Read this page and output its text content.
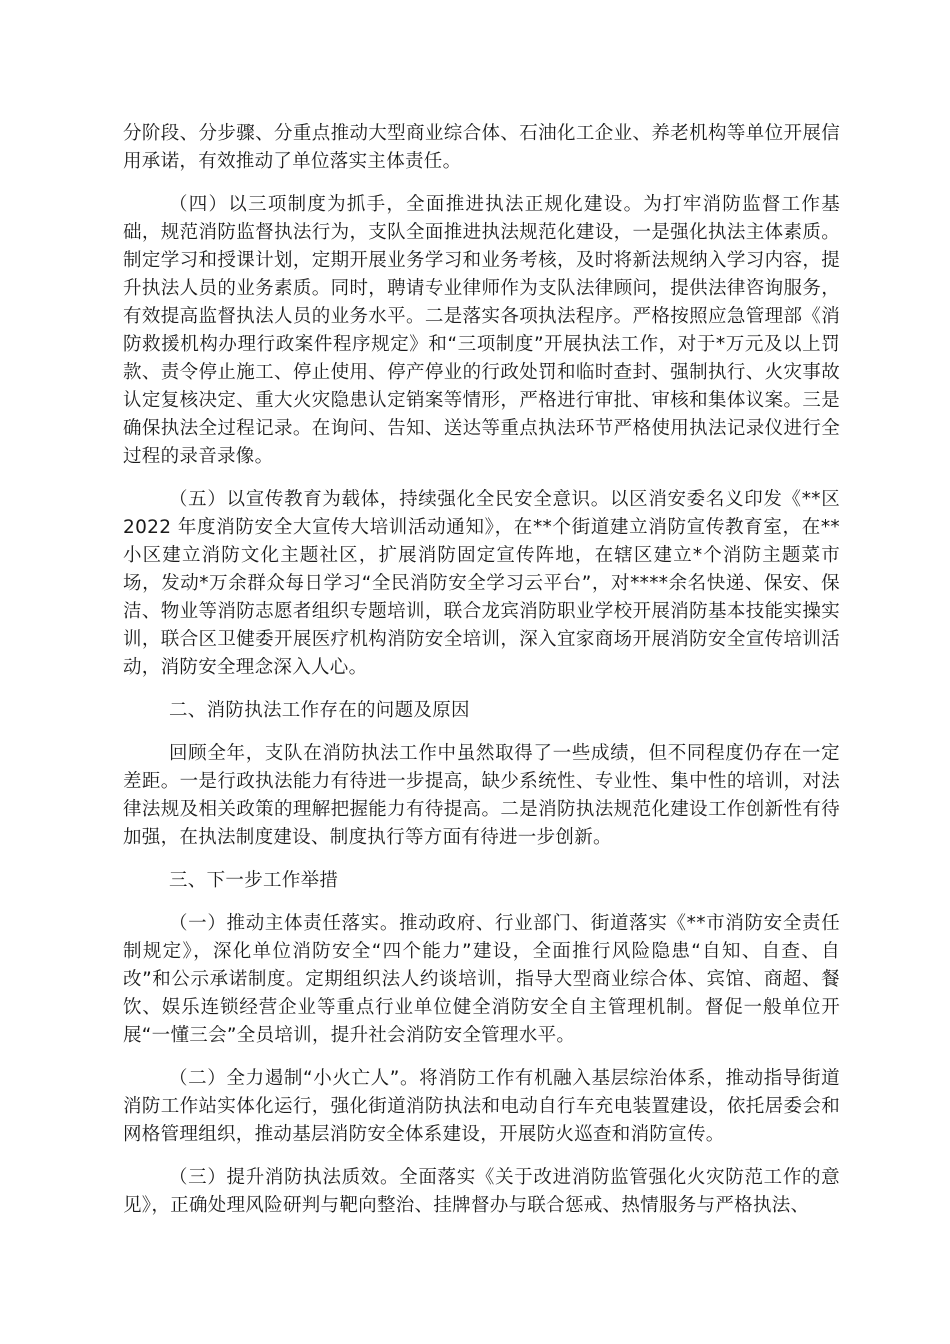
分阶段、分步骤、分重点推动大型商业综合体、石油化工企业、养老机构等单位开展信用承诺，有效推动了单位落实主体责任。

（四）以三项制度为抓手，全面推进执法正规化建设。为打牢消防监督工作基础，规范消防监督执法行为，支队全面推进执法规范化建设，一是强化执法主体素质。制定学习和授课计划，定期开展业务学习和业务考核，及时将新法规纳入学习内容，提升执法人员的业务素质。同时，聘请专业律师作为支队法律顾问，提供法律咨询服务，有效提高监督执法人员的业务水平。二是落实各项执法程序。严格按照应急管理部《消防救援机构办理行政案件程序规定》和“三项制度”开展执法工作，对于*万元及以上罚款、责令停止施工、停止使用、停产停业的行政处罚和临时查封、强制执行、火灾事故认定复核决定、重大火灾隐患认定销案等情形，严格进行审批、审核和集体议案。三是确保执法全过程记录。在询问、告知、送达等重点执法环节严格使用执法记录仪进行全过程的录音录像。

（五）以宣传教育为载体，持续强化全民安全意识。以区消安委名义印发《**区 2022 年度消防安全大宣传大培训活动通知》，在**个街道建立消防宣传教育室，在**小区建立消防文化主题社区，扩展消防固定宣传阵地，在辖区建立*个消防主题菜市场，发动*万余群众每日学习“全民消防安全学习云平台”，对****余名快递、保安、保洁、物业等消防志愿者组织专题培训，联合龙宾消防职业学校开展消防基本技能实操实训，联合区卫健委开展医疗机构消防安全培训，深入宜家商场开展消防安全宣传培训活动，消防安全理念深入人心。

二、消防执法工作存在的问题及原因

回顾全年，支队在消防执法工作中虽然取得了一些成绩，但不同程度仍存在一定差距。一是行政执法能力有待进一步提高，缺少系统性、专业性、集中性的培训，对法律法规及相关政策的理解把握能力有待提高。二是消防执法规范化建设工作创新性有待加强，在执法制度建设、制度执行等方面有待进一步创新。

三、下一步工作举措

（一）推动主体责任落实。推动政府、行业部门、街道落实《**市消防安全责任制规定》，深化单位消防安全“四个能力”建设，全面推行风险隐患“自知、自查、自改”和公示承诺制度。定期组织法人约谈培训，指导大型商业综合体、宾馆、商超、餐饮、娱乐连锁经营企业等重点行业单位健全消防安全自主管理机制。督促一般单位开展“一懂三会”全员培训，提升社会消防安全管理水平。

（二）全力遏制“小火亡人”。将消防工作有机融入基层综治体系，推动指导街道消防工作站实体化运行，强化街道消防执法和电动自行车充电装置建设，依托居委会和网格管理组织，推动基层消防安全体系建设，开展防火巡查和消防宣传。

（三）提升消防执法质效。全面落实《关于改进消防监管强化火灾防范工作的意见》，正确处理风险研判与靶向整治、挂牌督办与联合惩戒、热情服务与严格执法、
